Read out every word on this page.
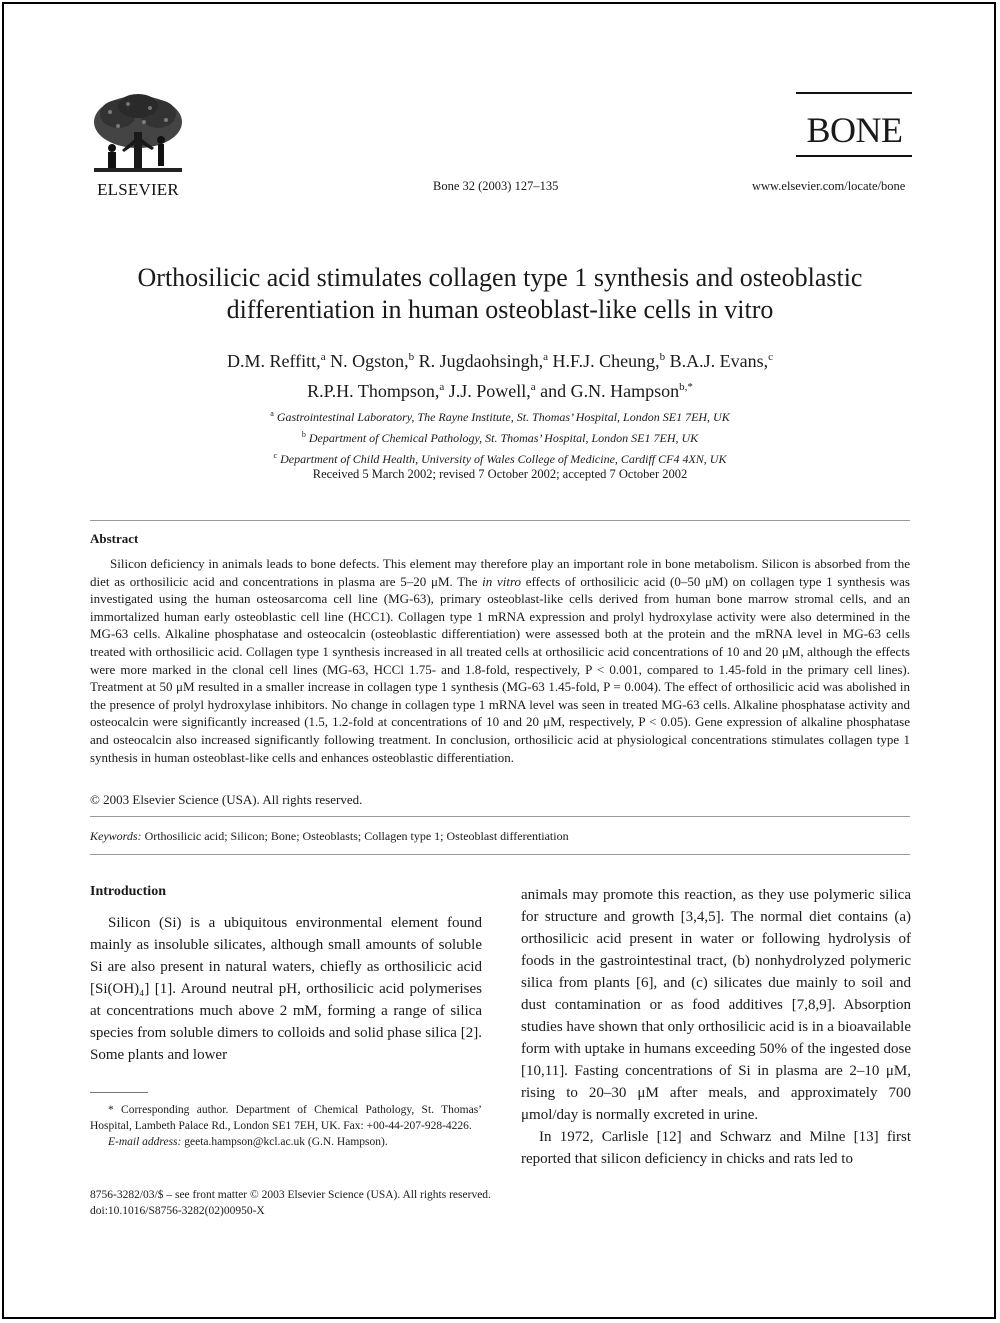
ELSEVIER	Bone 32 (2003) 127–135
BONE
www.elsevier.com/locate/bone
Orthosilicic acid stimulates collagen type 1 synthesis and osteoblastic
differentiation in human osteoblast-like cells in vitro
D.M. Reffitt,$^a$ N. Ogston,$^b$ R. Jugdaohsingh,$^a$ H.F.J. Cheung,$^b$ B.A.J. Evans,$^c$
R.P.H. Thompson,$^a$ J.J. Powell,$^a$ and G.N. Hampson$^{b,*}$
$^a$ Gastrointestinal Laboratory, The Rayne Institute, St. Thomas’ Hospital, London SE1 7EH, UK
$^b$ Department of Chemical Pathology, St. Thomas’ Hospital, London SE1 7EH, UK
$^c$ Department of Child Health, University of Wales College of Medicine, Cardiff CF4 4XN, UK
Received 5 March 2002; revised 7 October 2002; accepted 7 October 2002
Abstract
Silicon deficiency in animals leads to bone defects. This element may therefore play an important role in bone metabolism. Silicon is absorbed from the diet as orthosilicic acid and concentrations in plasma are 5–20 μM. The in vitro effects of orthosilicic acid (0–50 μM) on collagen type 1 synthesis was investigated using the human osteosarcoma cell line (MG-63), primary osteoblast-like cells derived from human bone marrow stromal cells, and an immortalized human early osteoblastic cell line (HCC1). Collagen type 1 mRNA expression and prolyl hydroxylase activity were also determined in the MG-63 cells. Alkaline phosphatase and osteocalcin (osteoblastic differentiation) were assessed both at the protein and the mRNA level in MG-63 cells treated with orthosilicic acid. Collagen type 1 synthesis increased in all treated cells at orthosilicic acid concentrations of 10 and 20 μM, although the effects were more marked in the clonal cell lines (MG-63, HCCl 1.75- and 1.8-fold, respectively, P < 0.001, compared to 1.45-fold in the primary cell lines). Treatment at 50 μM resulted in a smaller increase in collagen type 1 synthesis (MG-63 1.45-fold, P = 0.004). The effect of orthosilicic acid was abolished in the presence of prolyl hydroxylase inhibitors. No change in collagen type 1 mRNA level was seen in treated MG-63 cells. Alkaline phosphatase activity and osteocalcin were significantly increased (1.5, 1.2-fold at concentrations of 10 and 20 μM, respectively, P < 0.05). Gene expression of alkaline phosphatase and osteocalcin also increased significantly following treatment. In conclusion, orthosilicic acid at physiological concentrations stimulates collagen type 1 synthesis in human osteoblast-like cells and enhances osteoblastic differentiation.
© 2003 Elsevier Science (USA). All rights reserved.
Keywords: Orthosilicic acid; Silicon; Bone; Osteoblasts; Collagen type 1; Osteoblast differentiation
Introduction

Silicon (Si) is a ubiquitous environmental element found mainly as insoluble silicates, although small amounts of soluble Si are also present in natural waters, chiefly as orthosilicic acid [Si(OH)₄] [1]. Around neutral pH, orthosilicic acid polymerises at concentrations much above 2 mM, forming a range of silica species from soluble dimers to colloids and solid phase silica [2]. Some plants and lower

animals may promote this reaction, as they use polymeric silica for structure and growth [3,4,5]. The normal diet contains (a) orthosilicic acid present in water or following hydrolysis of foods in the gastrointestinal tract, (b) nonhydrolyzed polymeric silica from plants [6], and (c) silicates due mainly to soil and dust contamination or as food additives [7,8,9]. Absorption studies have shown that only orthosilicic acid is in a bioavailable form with uptake in humans exceeding 50% of the ingested dose [10,11]. Fasting concentrations of Si in plasma are 2–10 μM, rising to 20–30 μM after meals, and approximately 700 μmol/day is normally excreted in urine.

In 1972, Carlisle [12] and Schwarz and Milne [13] first reported that silicon deficiency in chicks and rats led to

* Corresponding author. Department of Chemical Pathology, St. Thomas’ Hospital, Lambeth Palace Rd., London SE1 7EH, UK. Fax: +00-44-207-928-4226.
E-mail address: geeta.hampson@kcl.ac.uk (G.N. Hampson).
8756-3282/03/$ – see front matter © 2003 Elsevier Science (USA). All rights reserved.
doi:10.1016/S8756-3282(02)00950-X
